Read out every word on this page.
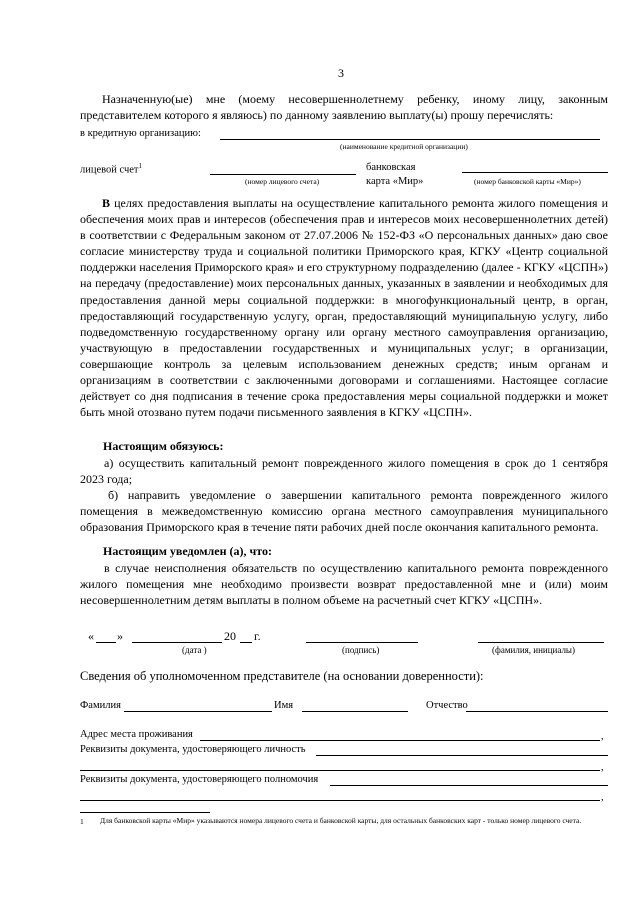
3
Назначенную(ые) мне (моему несовершеннолетнему ребенку, иному лицу, законным представителем которого я являюсь) по данному заявлению выплату(ы) прошу перечислять:
в кредитную организацию:
(наименование кредитной организации)
лицевой счет$^1$
(номер лицевого счета)
банковская
карта «Мир»	(номер банковской карты «Мир»)
В целях предоставления выплаты на осуществление капитального ремонта жилого помещения и обеспечения моих прав и интересов (обеспечения прав и интересов моих несовершеннолетних детей) в соответствии с Федеральным законом от 27.07.2006 № 152-ФЗ «О персональных данных» даю свое согласие министерству труда и социальной политики Приморского края, КГКУ «Центр социальной поддержки населения Приморского края» и его структурному подразделению (далее - КГКУ «ЦСПН») на передачу (предоставление) моих персональных данных, указанных в заявлении и необходимых для предоставления данной меры социальной поддержки: в многофункциональный центр, в орган, предоставляющий государственную услугу, орган, предоставляющий муниципальную услугу, либо подведомственную государственному органу или органу местного самоуправления организацию, участвующую в предоставлении государственных и муниципальных услуг; в организации, совершающие контроль за целевым использованием денежных средств; иным органам и организациям в соответствии с заключенными договорами и соглашениями. Настоящее согласие действует со дня подписания в течение срока предоставления меры социальной поддержки и может быть мной отозвано путем подачи письменного заявления в КГКУ «ЦСПН».
Настоящим обязуюсь:
а) осуществить капитальный ремонт поврежденного жилого помещения в срок до 1 сентября 2023 года;
б) направить уведомление о завершении капитального ремонта поврежденного жилого помещения в межведомственную комиссию органа местного самоуправления муниципального образования Приморского края в течение пяти рабочих дней после окончания капитального ремонта.
Настоящим уведомлен (а), что:
в случае неисполнения обязательств по осуществлению капитального ремонта поврежденного жилого помещения мне необходимо произвести возврат предоставленной мне и (или) моим несовершеннолетним детям выплаты в полном объеме на расчетный счет КГКУ «ЦСПН».
« »	20 г.
(дата )	(подпись)	(фамилия, инициалы)
Сведения об уполномоченном представителе (на основании доверенности):
Фамилия	Имя	Отчество
Адрес места проживания	,
Реквизиты документа, удостоверяющего личность
,
Реквизиты документа, удостоверяющего полномочия
,
1	Для банковской карты «Мир» указываются номера лицевого счета и банковской карты, для остальных банковских карт - только номер лицевого счета.
